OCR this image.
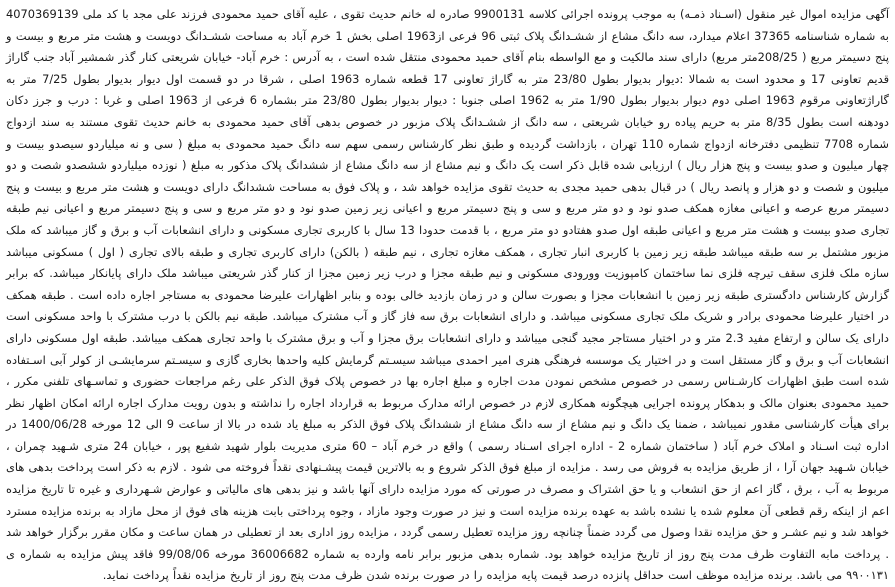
آگهی مزایده اموال غیر منقول (اسـناد ذمـه) به موجب پرونده اجرائی کلاسه 9900131 صادره له خانم حدیث تقوی ، علیه آقای حمید محمودی فرزند علی مجد با کد ملی 4070369139 به شماره شناسنامه 37365 اعلام میدارد، سه دانگ مشاع از ششـدانگ پلاک ثبتی 96 فرعی از1963 اصلی بخش 1 خرم آباد به مساحت ششـدانگ دویست و هشت متر مربع و بیست و پنج دسیمتر مربع ( 208/25متر مربع) دارای سند مالکیت و مع الواسطه بنام آقای حمید محمودی منتقل شده است ، به آدرس : خرم آباد- خیابان شریعتی کنار گذر شمشیر آباد جنب گاراژ قدیم تعاونی 17 و محدود است به شمالا :دیوار بدیوار بطول 23/80 متر به گاراژ تعاونی 17 قطعه شماره 1963 اصلی ، شرقا در دو قسمت اول دیوار بدیوار بطول 7/25 متر به گاراژتعاونی مرقوم 1963 اصلی دوم دیوار بدیوار بطول 1/90 متر به 1962 اصلی جنوبا : دیوار بدیوار بطول 23/80 متر بشماره 6 فرعی از 1963 اصلی و غربا : درب و جرز دکان دودهنه است بطول 8/35 متر به حریم پیاده رو خیابان شریعتی ، سه دانگ از ششـدانگ پلاک مزبور در خصوص بدهی آقای حمید محمودی به خانم حدیث تقوی مستند به سند ازدواج شماره 7708 تنظیمی دفترخانه ازدواج شماره 110 تهران ، بازداشت گردیده و طبق نظر کارشناس رسمی سهم سه دانگ حمید محمودی به مبلغ ( سی و نه میلیاردو سیصدو بیست و چهار میلیون و صدو بیست و پنج هزار ریال ) ارزیابی شده قابل ذکر است یک دانگ و نیم مشاع از سه دانگ مشاع از ششدانگ پلاک مذکور به مبلغ ( نوزده میلیاردو ششصدو شصت و دو میلیون و شصت و دو هزار و پانصد ریال ) در قبال بدهی حمید مجدی به حدیث تقوی مزایده خواهد شد ، و پلاک فوق به مساحت ششدانگ دارای دویست و هشت متر مربع و بیست و پنج دسیمتر مربع عرصه و اعیانی مغازه همکف صدو نود و دو متر مربع و سی و پنج دسیمتر مربع و اعیانی زیر زمین صدو نود و دو متر مربع و سی و پنج دسیمتر مربع و اعیانی نیم طبقه تجاری صدو بیست و هشت متر مربع و اعیانی طبقه اول صدو هفتادو دو متر مربع ، با قدمت حدودا 13 سال با کاربری تجاری مسکونی و دارای انشعابات آب و برق و گاز میباشد که ملک مزبور مشتمل بر سه طبقه میباشد طبقه زیر زمین با کاربری انبار تجاری ، همکف مغازه تجاری ، نیم طبقه ( بالکن) دارای کاربری تجاری و طبقه بالای تجاری ( اول ) مسکونی میباشد سازه ملک فلزی سقف تیرچه فلزی نما ساختمان کامپوزیت وورودی مسکونی و نیم طبقه مجزا و درب زیر زمین مجزا از کنار گذر شریعتی میباشد ملک دارای پایانکار میباشد. که برابر گزارش کارشناس دادگستری طبقه زیر زمین با انشعابات مجزا و بصورت سالن و در زمان بازدید خالی بوده و بنابر اظهارات علیرضا محمودی به مستاجر اجاره داده است . طبقه همکف در اختیار علیرضا محمودی برادر و شریک ملک تجاری مسکونی میباشد. و دارای انشعابات برق سه فاز گاز و آب مشترک میباشد. طبقه نیم بالکن با درب مشترک با واحد مسکونی است دارای یک سالن و ارتفاع مفید 2.3 متر و در اختیار مستاجر مجید گنجی میباشد و دارای انشعابات برق مجزا و آب و برق مشترک با واحد تجاری همکف میباشد. طبقه اول مسکونی دارای انشعابات آب و برق و گاز مستقل است و در اختیار یک موسسه فرهنگی هنری امیر احمدی میباشد سیسـتم گرمایش کلیه واحدها بخاری گازی و سیسـتم سرمایشـی از کولر آبی اسـتفاده شده است طبق اظهارات کارشـناس رسمی در خصوص مشخص نمودن مدت اجاره و مبلغ اجاره بها در خصوص پلاک فوق الذکر علی رغم مراجعات حضوری و تماسـهای تلفنی مکرر ، حمید محمودی بعنوان مالک و بدهکار پرونده اجرایی هیچگونه همکاری لازم در خصوص ارائه مدارک مربوط به قرارداد اجاره را نداشته و بدون رویت مدارک اجاره ارائه امکان اظهار نظر برای هیأت کارشناسی مقدور نمیباشد ، ضمنا یک دانگ و نیم مشاع از سه دانگ مشاع از ششدانگ پلاک فوق الذکر به مبلغ یاد شده در بالا از ساعت 9 الی 12 مورخه 1400/06/28 در اداره ثبت اسـناد و املاک خرم آباد ( ساختمان شماره 2 - اداره اجرای اسـناد رسمی ) واقع در خرم آباد – 60 متری مدیریت بلوار شهید شفیع پور ، خیابان 24 متری شـهید چمران ، خیابان شـهید جهان آرا ، از طریق مزایده به فروش می رسد . مزایده از مبلغ فوق الذکر شروع و به بالاترین قیمت پیشـنهادی نقداً فروخته می شود . لازم به ذکر است پرداخت بدهی های مربوط به آب ، برق ، گاز اعم از حق انشعاب و یا حق اشتراک و مصرف در صورتی که مورد مزایده دارای آنها باشد و نیز بدهی های مالیاتی و عوارض شـهرداری و غیره تا تاریخ مزایده اعم از اینکه رقم قطعی آن معلوم شده یا نشده باشد به عهده برنده مزایده است و نیز در صورت وجود مازاد ، وجوه پرداختی بابت هزینه های فوق از محل مازاد به برنده مزایده مسترد خواهد شد و نیم عشـر و حق مزایده نقدا وصول می گردد ضمناً چنانچه روز مزایده تعطیل رسمی گردد ، مزایده روز اداری بعد از تعطیلی در همان ساعت و مکان مقرر برگزار خواهد شد . پرداخت مابه التفاوت ظرف مدت پنج روز از تاریخ مزایده خواهد بود. شماره بدهی مزبور برابر نامه وارده به شماره 36006682 مورخه 99/08/06 فاقد پیش مزایده به شماره ی ۹۹۰۰۱۳۱ می باشد. برنده مزایده موظف است حداقل پانزده درصد قیمت پایه مزایده را در صورت برنده شدن ظرف مدت پنج روز از تاریخ مزایده نقداً پرداخت نماید.
